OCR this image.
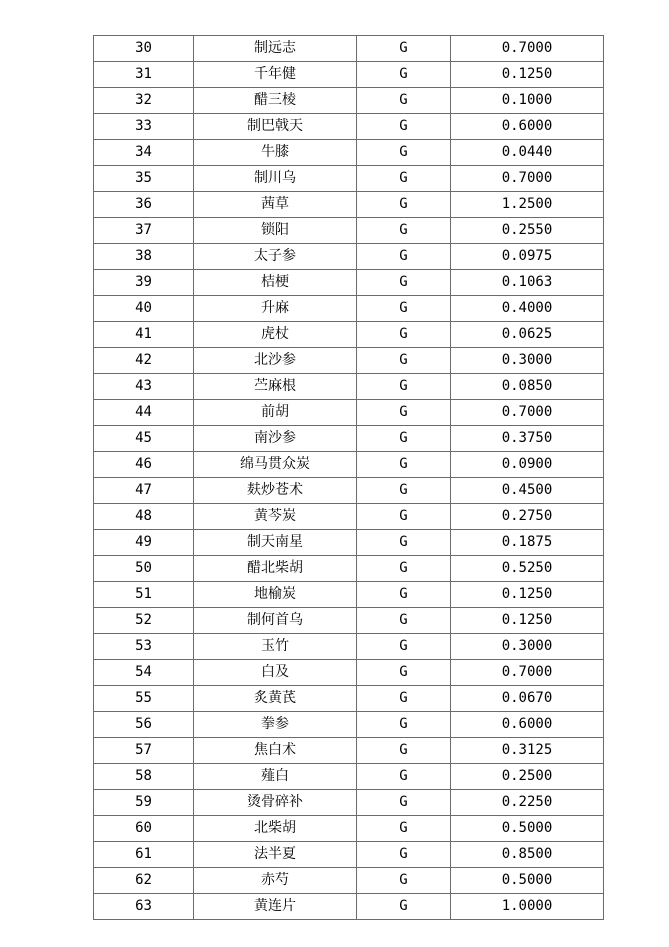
30	制远志	G	0.7000
31	千年健	G	0.1250
32	醋三棱	G	0.1000
33	制巴戟天	G	0.6000
34	牛膝	G	0.0440
35	制川乌	G	0.7000
36	茜草	G	1.2500
37	锁阳	G	0.2550
38	太子参	G	0.0975
39	桔梗	G	0.1063
40	升麻	G	0.4000
41	虎杖	G	0.0625
42	北沙参	G	0.3000
43	苎麻根	G	0.0850
44	前胡	G	0.7000
45	南沙参	G	0.3750
46	绵马贯众炭	G	0.0900
47	麸炒苍术	G	0.4500
48	黄芩炭	G	0.2750
49	制天南星	G	0.1875
50	醋北柴胡	G	0.5250
51	地榆炭	G	0.1250
52	制何首乌	G	0.1250
53	玉竹	G	0.3000
54	白及	G	0.7000
55	炙黄芪	G	0.0670
56	拳参	G	0.6000
57	焦白术	G	0.3125
58	薤白	G	0.2500
59	烫骨碎补	G	0.2250
60	北柴胡	G	0.5000
61	法半夏	G	0.8500
62	赤芍	G	0.5000
63	黄连片	G	1.0000
